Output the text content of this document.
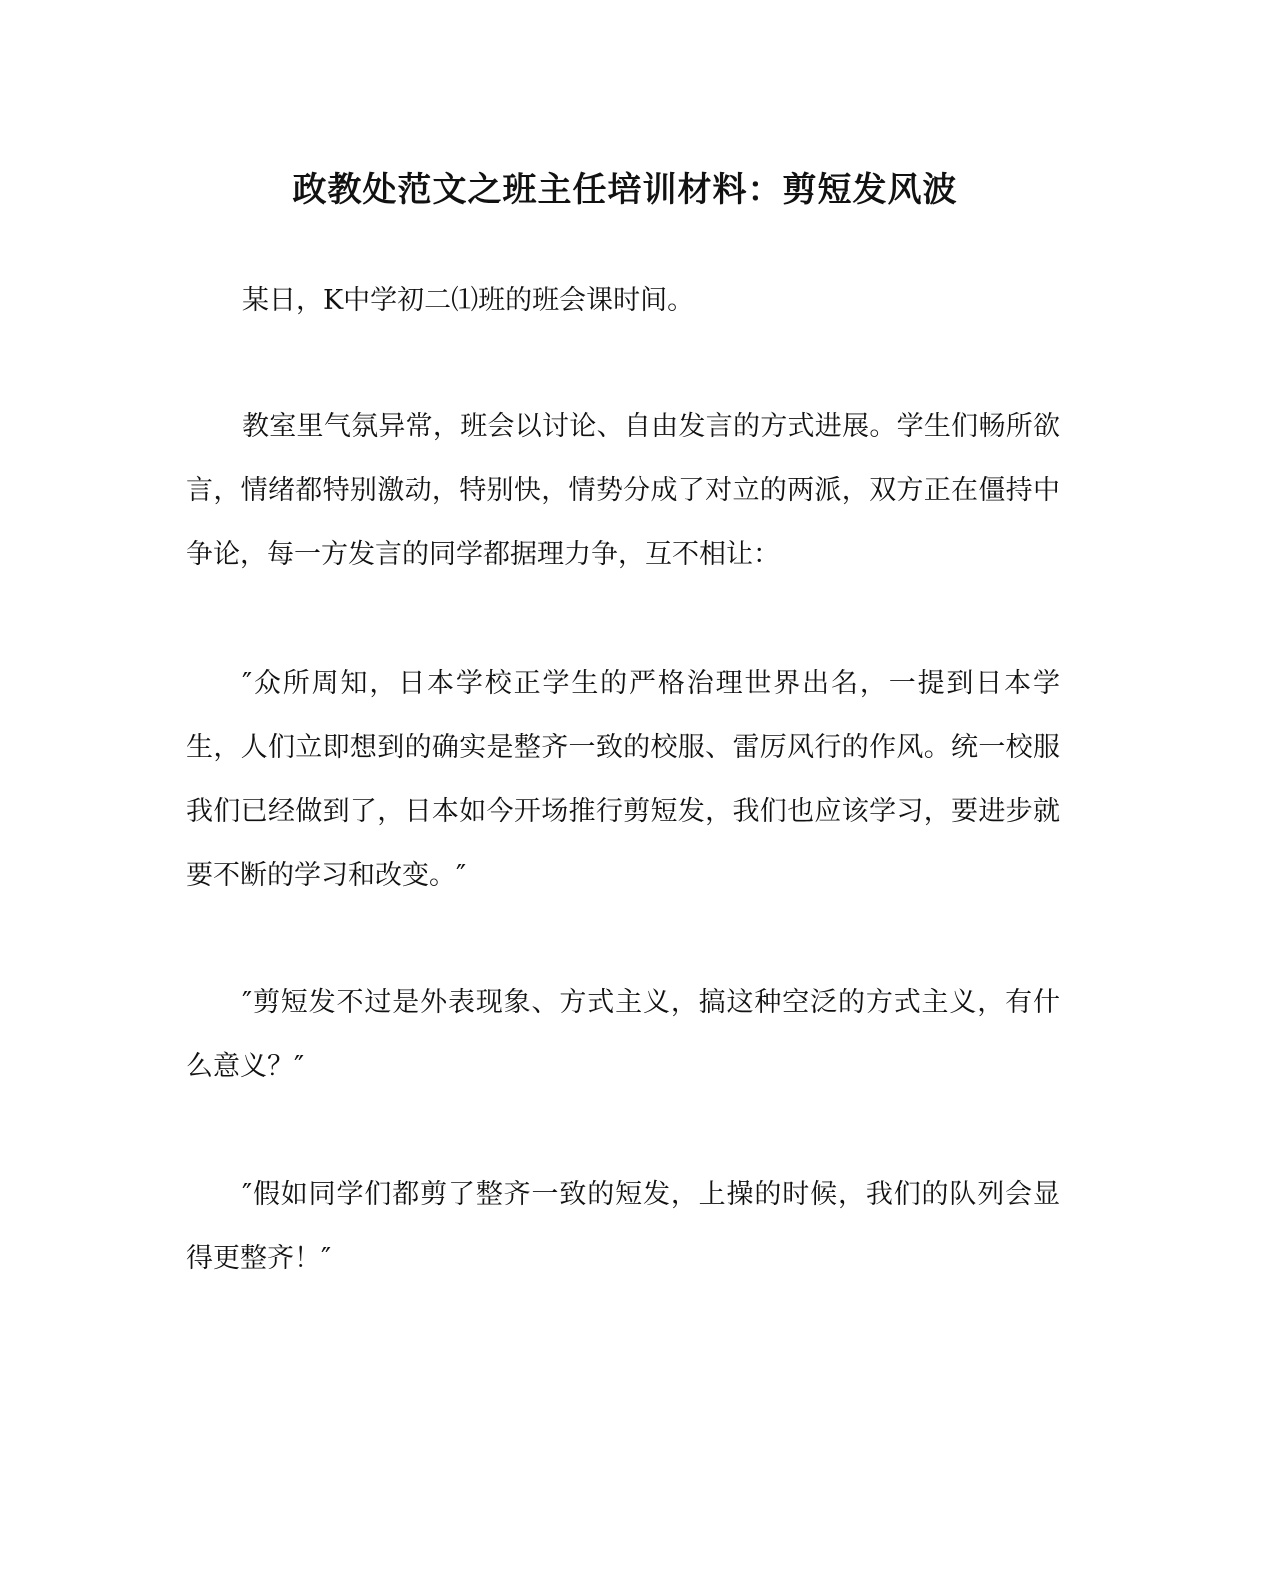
政教处范文之班主任培训材料：剪短发风波

某日，K中学初二⑴班的班会课时间。

教室里气氛异常，班会以讨论、自由发言的方式进展。学生们畅所欲言，情绪都特别激动，特别快，情势分成了对立的两派，双方正在僵持中争论，每一方发言的同学都据理力争，互不相让：

″众所周知，日本学校正学生的严格治理世界出名，一提到日本学生，人们立即想到的确实是整齐一致的校服、雷厉风行的作风。统一校服我们已经做到了，日本如今开场推行剪短发，我们也应该学习，要进步就要不断的学习和改变。″

″剪短发不过是外表现象、方式主义，搞这种空泛的方式主义，有什么意义？″

″假如同学们都剪了整齐一致的短发，上操的时候，我们的队列会显得更整齐！″
